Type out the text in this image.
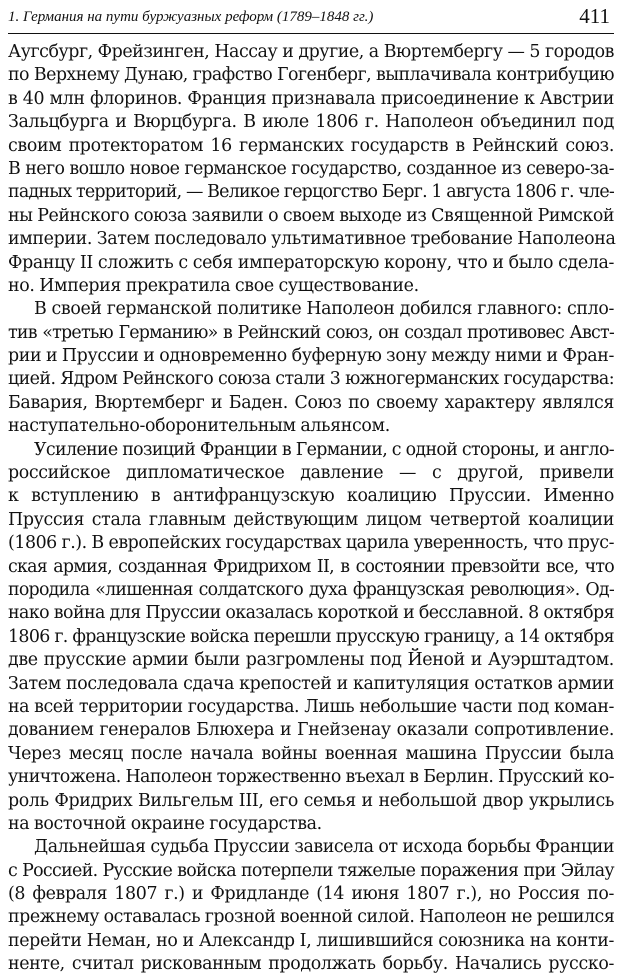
1. Германия на пути буржуазных реформ (1789–1848 гг.)	411
Аугсбург, Фрейзинген, Нассау и другие, а Вюртембергу — 5 городов
по Верхнему Дунаю, графство Гогенберг, выплачивала контрибуцию
в 40 млн флоринов. Франция признавала присоединение к Австрии
Зальцбурга и Вюрцбурга. В июле 1806 г. Наполеон объединил под
своим протекторатом 16 германских государств в Рейнский союз.
В него вошло новое германское государство, созданное из северо-за-
падных территорий, — Великое герцогство Берг. 1 августа 1806 г. чле-
ны Рейнского союза заявили о своем выходе из Священной Римской
империи. Затем последовало ультимативное требование Наполеона
Францу II сложить с себя императорскую корону, что и было сдела-
но. Империя прекратила свое существование.
В своей германской политике Наполеон добился главного: спло-
тив «третью Германию» в Рейнский союз, он создал противовес Авст-
рии и Пруссии и одновременно буферную зону между ними и Фран-
цией. Ядром Рейнского союза стали 3 южногерманских государства:
Бавария, Вюртемберг и Баден. Союз по своему характеру являлся
наступательно-оборонительным альянсом.
Усиление позиций Франции в Германии, с одной стороны, и англо-
российское дипломатическое давление — с другой, привели
к вступлению в антифранцузскую коалицию Пруссии. Именно
Пруссия стала главным действующим лицом четвертой коалиции
(1806 г.). В европейских государствах царила уверенность, что прус-
ская армия, созданная Фридрихом II, в состоянии превзойти все, что
породила «лишенная солдатского духа французская революция». Од-
нако война для Пруссии оказалась короткой и бесславной. 8 октября
1806 г. французские войска перешли прусскую границу, а 14 октября
две прусские армии были разгромлены под Йеной и Ауэрштадтом.
Затем последовала сдача крепостей и капитуляция остатков армии
на всей территории государства. Лишь небольшие части под коман-
дованием генералов Блюхера и Гнейзенау оказали сопротивление.
Через месяц после начала войны военная машина Пруссии была
уничтожена. Наполеон торжественно въехал в Берлин. Прусский ко-
роль Фридрих Вильгельм III, его семья и небольшой двор укрылись
на восточной окраине государства.
Дальнейшая судьба Пруссии зависела от исхода борьбы Франции
с Россией. Русские войска потерпели тяжелые поражения при Эйлау
(8 февраля 1807 г.) и Фридланде (14 июня 1807 г.), но Россия по-
прежнему оставалась грозной военной силой. Наполеон не решился
перейти Неман, но и Александр I, лишившийся союзника на конти-
ненте, считал рискованным продолжать борьбу. Начались русско-
